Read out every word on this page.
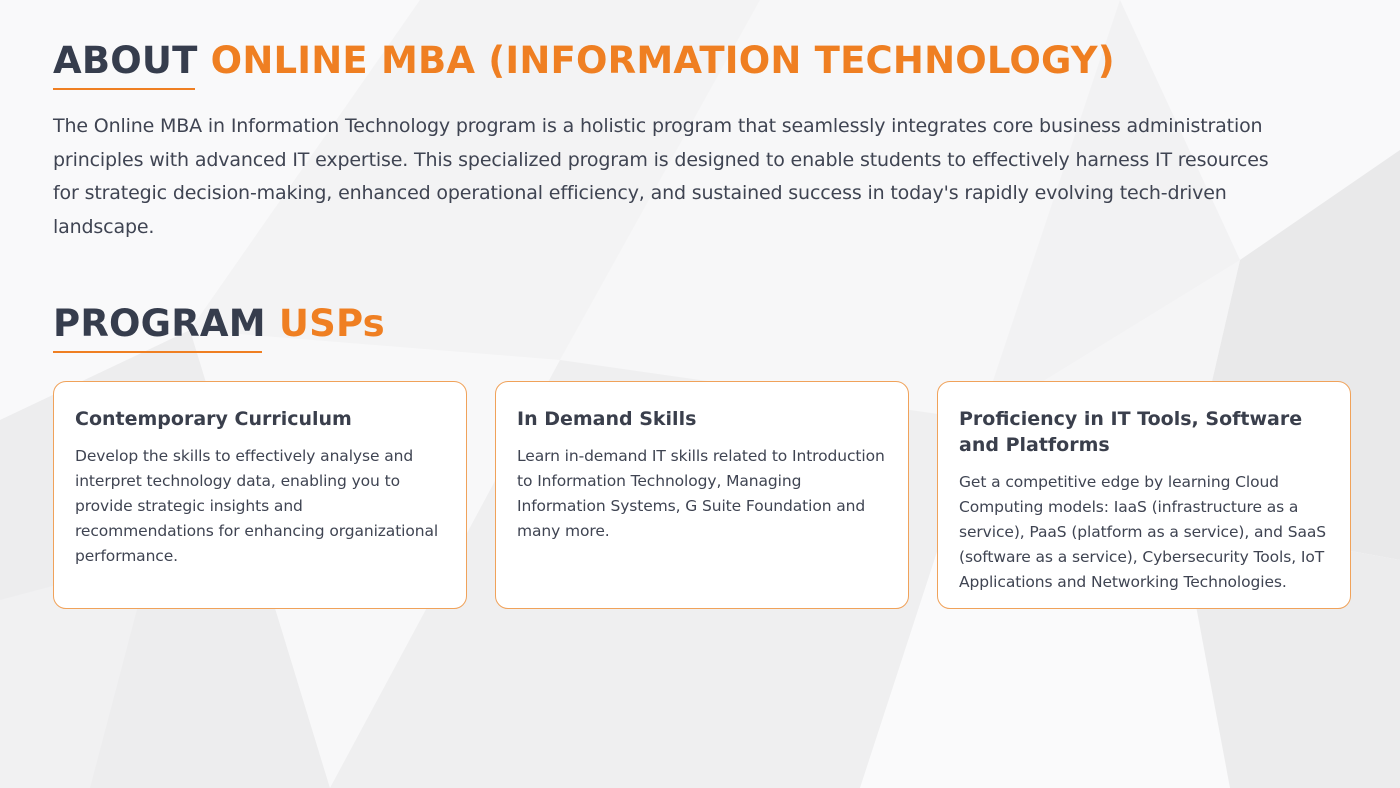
ABOUT ONLINE MBA (INFORMATION TECHNOLOGY)

The Online MBA in Information Technology program is a holistic program that seamlessly integrates core business administration principles with advanced IT expertise. This specialized program is designed to enable students to effectively harness IT resources for strategic decision-making, enhanced operational efficiency, and sustained success in today's rapidly evolving tech-driven landscape.

PROGRAM USPs
Contemporary Curriculum

Develop the skills to effectively analyse and interpret technology data, enabling you to provide strategic insights and recommendations for enhancing organizational performance.

In Demand Skills

Learn in-demand IT skills related to Introduction to Information Technology, Managing Information Systems, G Suite Foundation and many more.

Proficiency in IT Tools, Software and Platforms

Get a competitive edge by learning Cloud Computing models: IaaS (infrastructure as a service), PaaS (platform as a service), and SaaS (software as a service), Cybersecurity Tools, IoT Applications and Networking Technologies.
